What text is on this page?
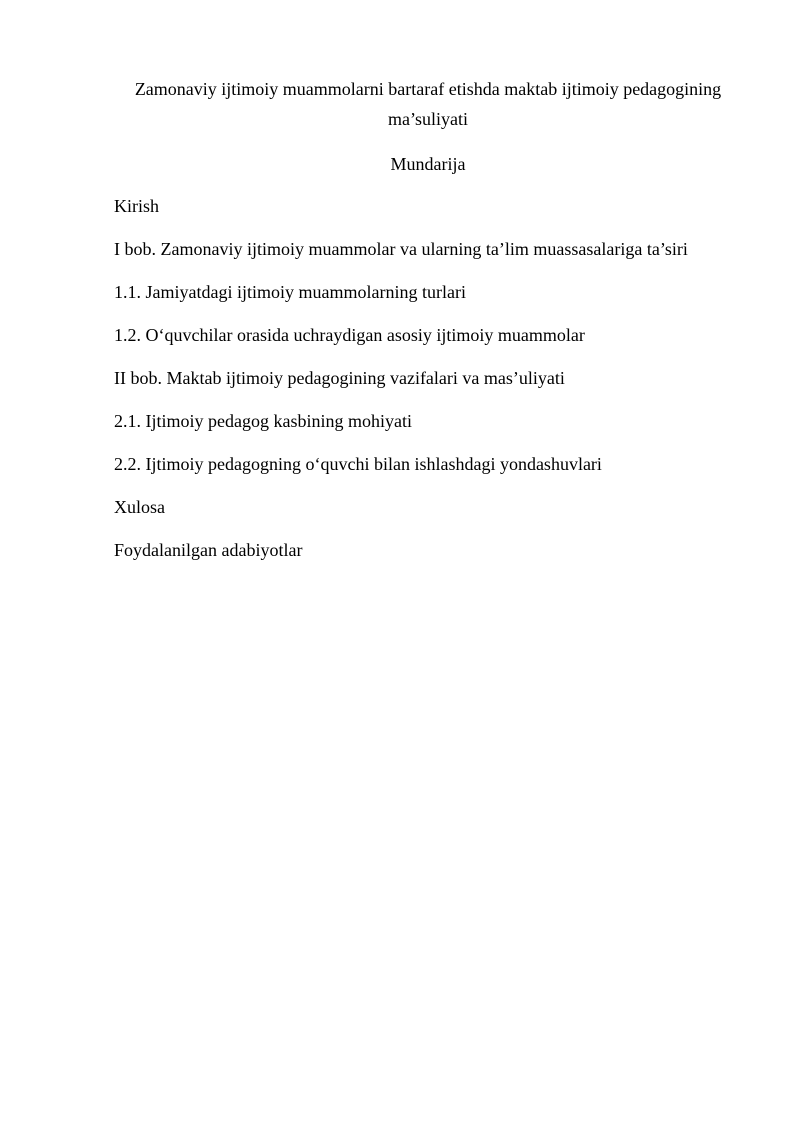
Zamonaviy ijtimoiy muammolarni bartaraf etishda maktab ijtimoiy pedagogining ma’suliyati
Mundarija
Kirish
I bob. Zamonaviy ijtimoiy muammolar va ularning ta’lim muassasalariga ta’siri
1.1. Jamiyatdagi ijtimoiy muammolarning turlari
1.2. O‘quvchilar orasida uchraydigan asosiy ijtimoiy muammolar
II bob. Maktab ijtimoiy pedagogining vazifalari va mas’uliyati
2.1. Ijtimoiy pedagog kasbining mohiyati
2.2. Ijtimoiy pedagogning o‘quvchi bilan ishlashdagi yondashuvlari
Xulosa
Foydalanilgan adabiyotlar
